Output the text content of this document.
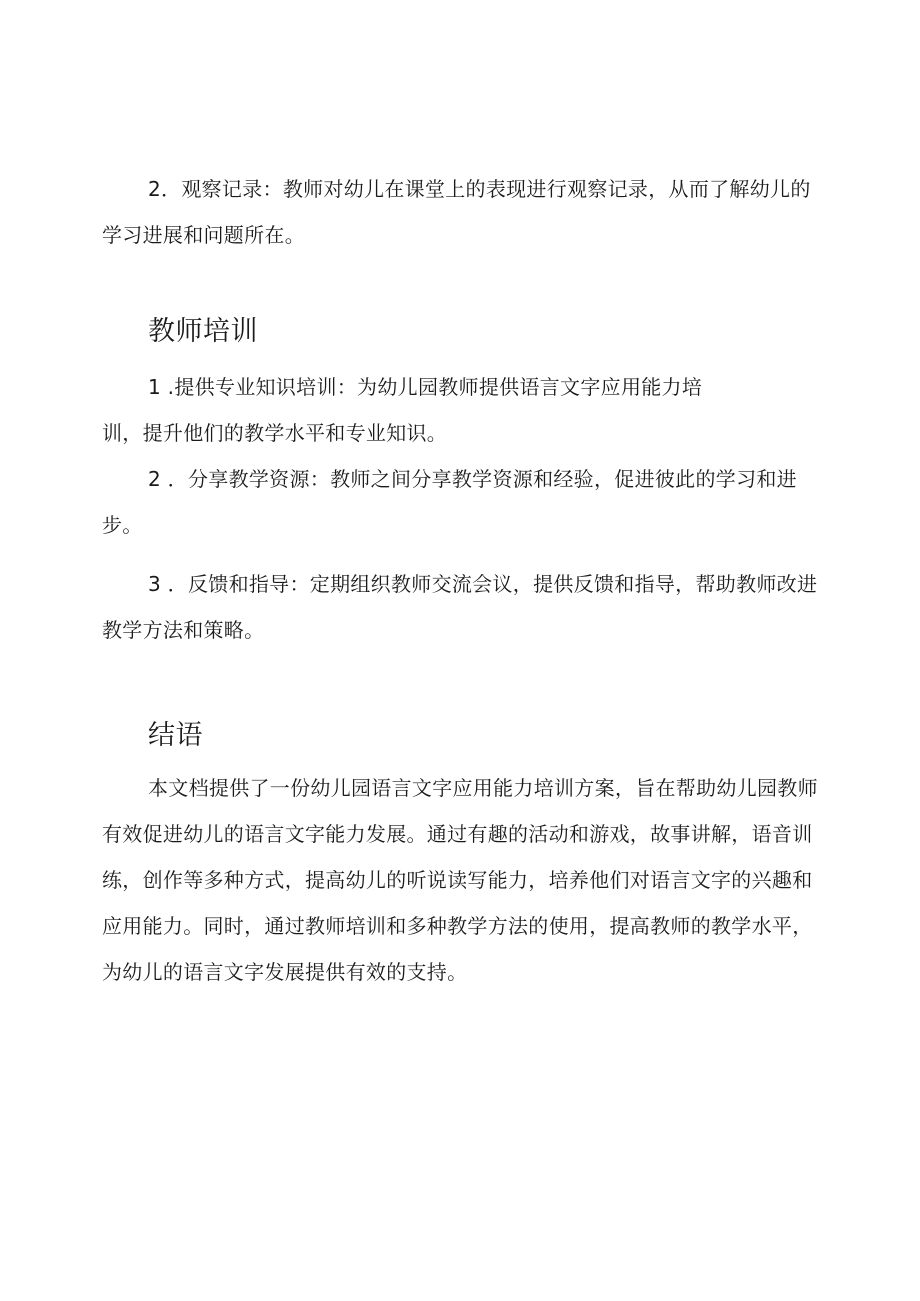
2．观察记录：教师对幼儿在课堂上的表现进行观察记录，从而了解幼儿的学习进展和问题所在。

教师培训
1 .提供专业知识培训：为幼儿园教师提供语言文字应用能力培
训，提升他们的教学水平和专业知识。

2 ．分享教学资源：教师之间分享教学资源和经验，促进彼此的学习和进步。

3 ．反馈和指导：定期组织教师交流会议，提供反馈和指导，帮助教师改进教学方法和策略。

结语

本文档提供了一份幼儿园语言文字应用能力培训方案，旨在帮助幼儿园教师有效促进幼儿的语言文字能力发展。通过有趣的活动和游戏，故事讲解，语音训练，创作等多种方式，提高幼儿的听说读写能力，培养他们对语言文字的兴趣和应用能力。同时，通过教师培训和多种教学方法的使用，提高教师的教学水平，为幼儿的语言文字发展提供有效的支持。
